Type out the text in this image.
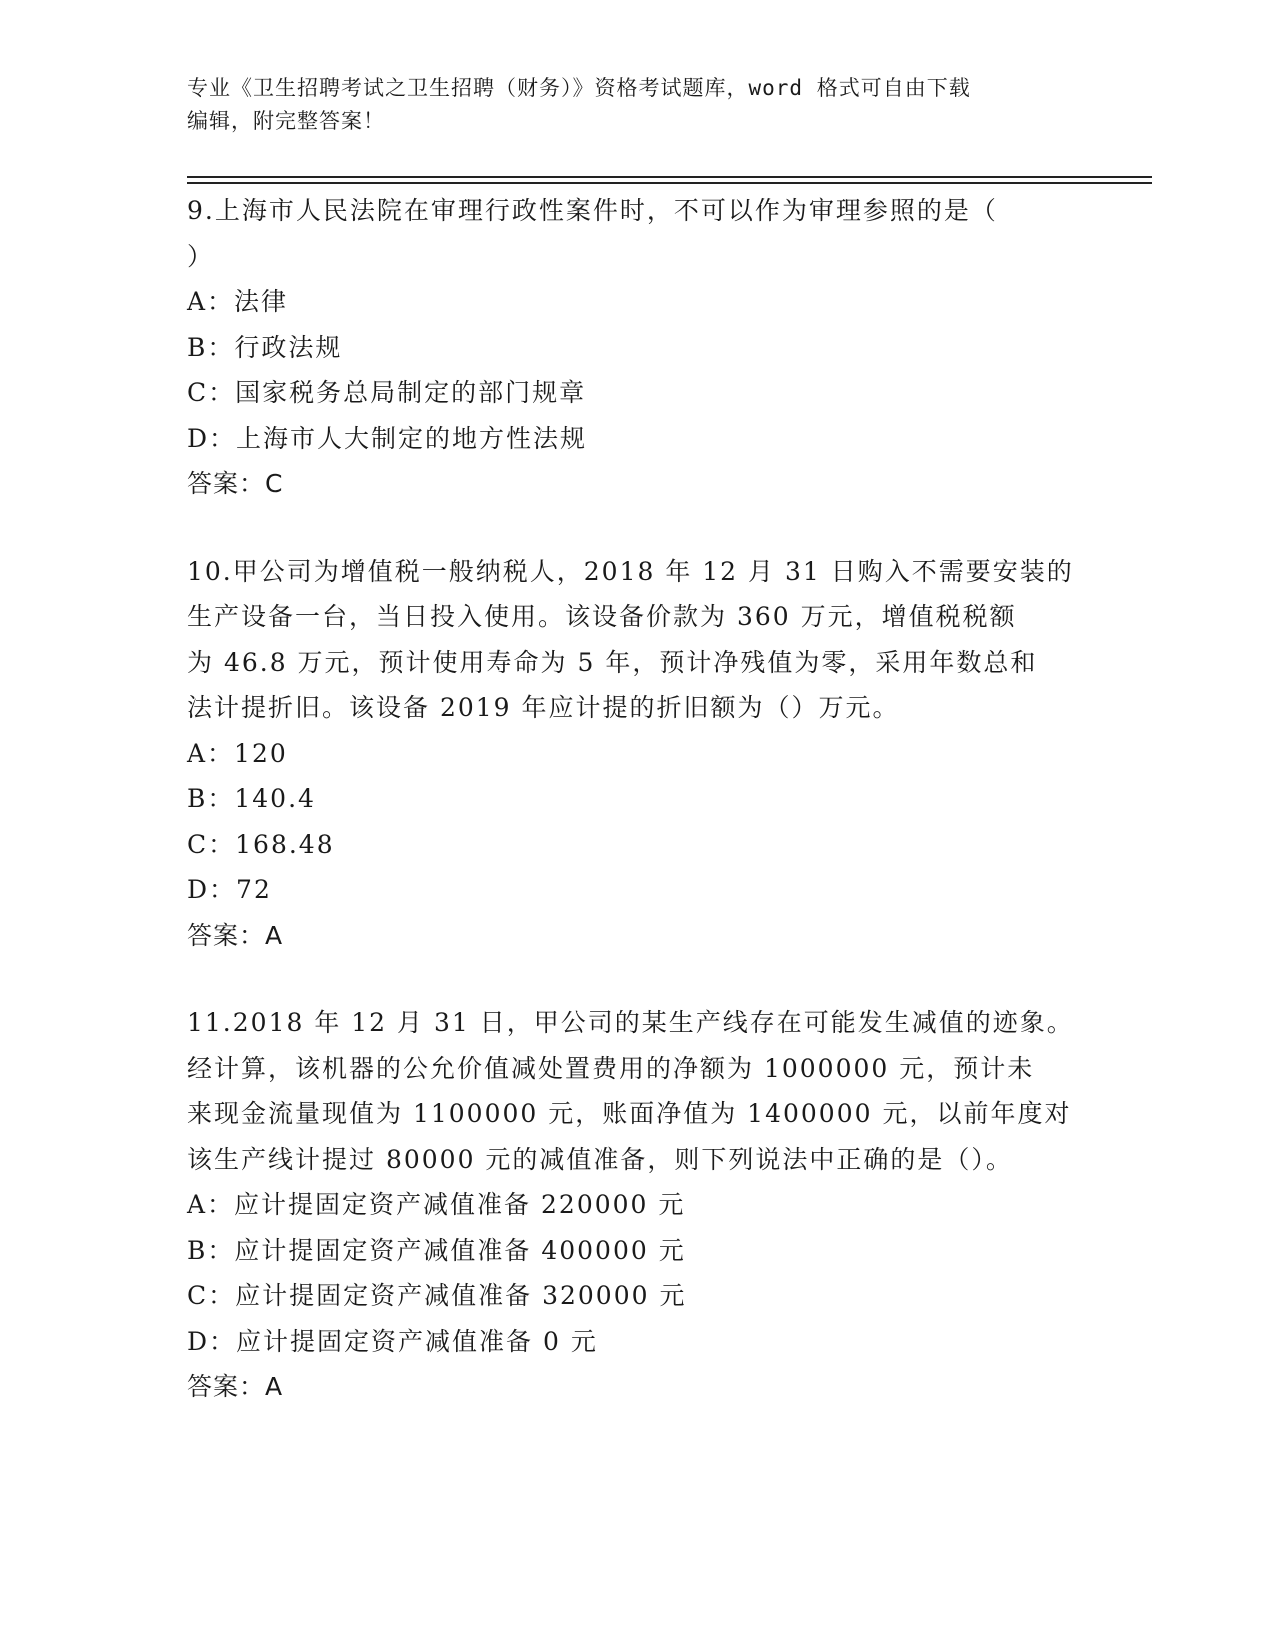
专业《卫生招聘考试之卫生招聘（财务）》资格考试题库，word 格式可自由下载
编辑，附完整答案！

9.上海市人民法院在审理行政性案件时，不可以作为审理参照的是（

）

A：法律

B：行政法规

C：国家税务总局制定的部门规章

D：上海市人大制定的地方性法规

答案：C

10.甲公司为增值税一般纳税人，2018 年 12 月 31 日购入不需要安装的

生产设备一台，当日投入使用。该设备价款为 360 万元，增值税税额

为 46.8 万元，预计使用寿命为 5 年，预计净残值为零，采用年数总和

法计提折旧。该设备 2019 年应计提的折旧额为（）万元。

A：120

B：140.4

C：168.48

D：72

答案：A

11.2018 年 12 月 31 日，甲公司的某生产线存在可能发生减值的迹象。

经计算，该机器的公允价值减处置费用的净额为 1000000 元，预计未

来现金流量现值为 1100000 元，账面净值为 1400000 元，以前年度对

该生产线计提过 80000 元的减值准备，则下列说法中正确的是（）。

A：应计提固定资产减值准备 220000 元

B：应计提固定资产减值准备 400000 元

C：应计提固定资产减值准备 320000 元

D：应计提固定资产减值准备 0 元

答案：A
